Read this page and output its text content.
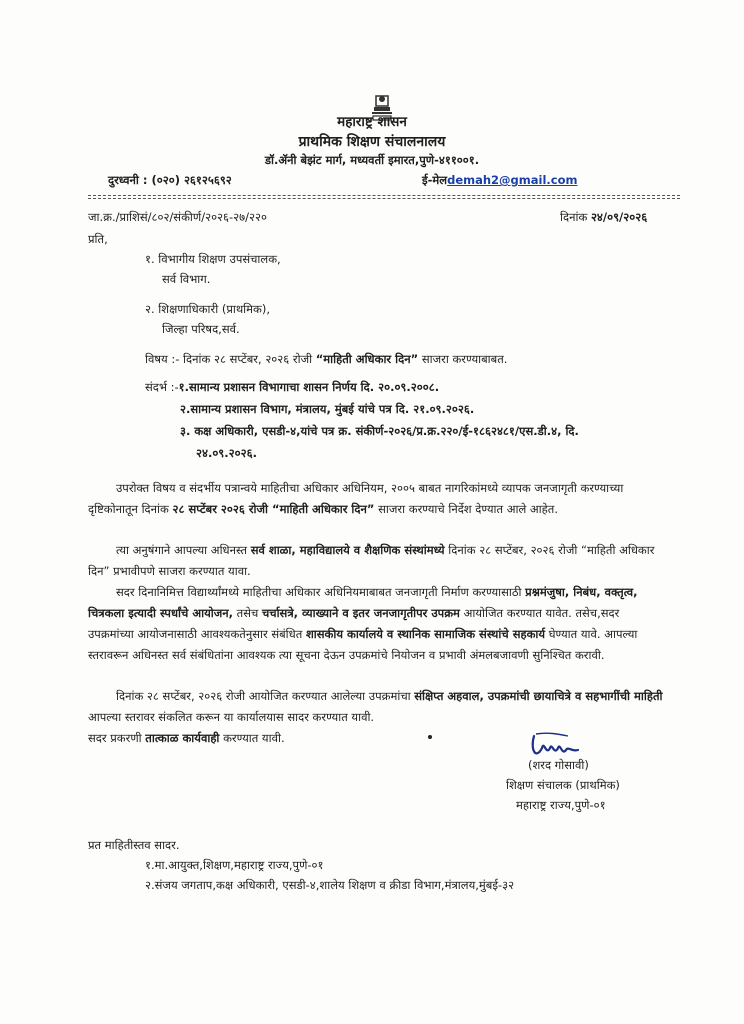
महाराष्ट्र शासन
प्राथमिक शिक्षण संचालनालय
डॉ.ॲनी बेझंट मार्ग, मध्यवर्ती इमारत,पुणे-४११००१.
दुरध्वनी : (०२०) २६१२५६९२	ई-मेलdemah2@gmail.com
जा.क्र./प्राशिसं/८०२/संकीर्ण/२०२६-२७/२२०	दिनांक २४/०९/२०२६
प्रति,
१. विभागीय शिक्षण उपसंचालक,
सर्व विभाग.
२. शिक्षणाधिकारी (प्राथमिक),
जिल्हा परिषद,सर्व.
विषय :- दिनांक २८ सप्टेंबर, २०२६ रोजी “माहिती अधिकार दिन” साजरा करण्याबाबत.
संदर्भ :-१.सामान्य प्रशासन विभागाचा शासन निर्णय दि. २०.०९.२००८.
२.सामान्य प्रशासन विभाग, मंत्रालय, मुंबई यांचे पत्र दि. २१.०९.२०२६.
३. कक्ष अधिकारी, एसडी-४,यांचे पत्र क्र. संकीर्ण-२०२६/प्र.क्र.२२०/ई-१८६२४८१/एस.डी.४, दि.
२४.०९.२०२६.
उपरोक्त विषय व संदर्भीय पत्रान्वये माहितीचा अधिकार अधिनियम, २००५ बाबत नागरिकांमध्ये व्यापक जनजागृती करण्याच्या दृष्टिकोनातून दिनांक २८ सप्टेंबर २०२६ रोजी “माहिती अधिकार दिन” साजरा करण्याचे निर्देश देण्यात आले आहेत.
त्या अनुषंगाने आपल्या अधिनस्त सर्व शाळा, महाविद्यालये व शैक्षणिक संस्थांमध्ये दिनांक २८ सप्टेंबर, २०२६ रोजी “माहिती अधिकार दिन” प्रभावीपणे साजरा करण्यात यावा.
सदर दिनानिमित्त विद्यार्थ्यांमध्ये माहितीचा अधिकार अधिनियमाबाबत जनजागृती निर्माण करण्यासाठी प्रश्नमंजुषा, निबंध, वक्तृत्व, चित्रकला इत्यादी स्पर्धांचे आयोजन, तसेच चर्चासत्रे, व्याख्याने व इतर जनजागृतीपर उपक्रम आयोजित करण्यात यावेत. तसेच,सदर उपक्रमांच्या आयोजनासाठी आवश्यकतेनुसार संबंधित शासकीय कार्यालये व स्थानिक सामाजिक संस्थांचे सहकार्य घेण्यात यावे. आपल्या स्तरावरून अधिनस्त सर्व संबंधितांना आवश्यक त्या सूचना देऊन उपक्रमांचे नियोजन व प्रभावी अंमलबजावणी सुनिश्चित करावी.
दिनांक २८ सप्टेंबर, २०२६ रोजी आयोजित करण्यात आलेल्या उपक्रमांचा संक्षिप्त अहवाल, उपक्रमांची छायाचित्रे व सहभागींची माहिती आपल्या स्तरावर संकलित करून या कार्यालयास सादर करण्यात यावी.
सदर प्रकरणी तात्काळ कार्यवाही करण्यात यावी.
(शरद गोसावी)
शिक्षण संचालक (प्राथमिक)
महाराष्ट्र राज्य,पुणे-०१
प्रत माहितीस्तव सादर.
१.मा.आयुक्त,शिक्षण,महाराष्ट्र राज्य,पुणे-०१
२.संजय जगताप,कक्ष अधिकारी, एसडी-४,शालेय शिक्षण व क्रीडा विभाग,मंत्रालय,मुंबई-३२
